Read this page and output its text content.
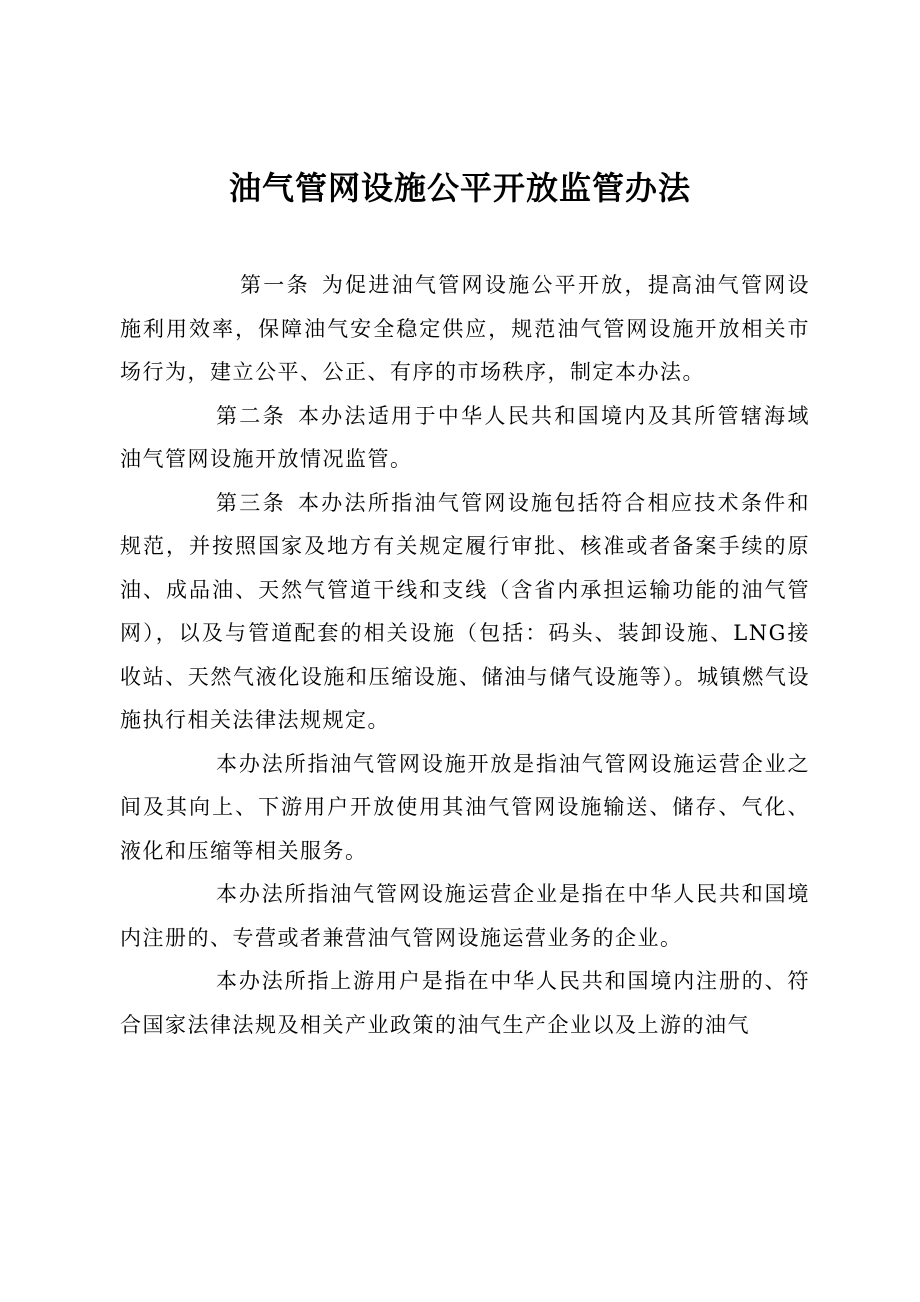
油气管网设施公平开放监管办法

第一条 为促进油气管网设施公平开放，提高油气管网设施利用效率，保障油气安全稳定供应，规范油气管网设施开放相关市场行为，建立公平、公正、有序的市场秩序，制定本办法。

第二条 本办法适用于中华人民共和国境内及其所管辖海域油气管网设施开放情况监管。

第三条 本办法所指油气管网设施包括符合相应技术条件和规范，并按照国家及地方有关规定履行审批、核准或者备案手续的原油、成品油、天然气管道干线和支线（含省内承担运输功能的油气管网），以及与管道配套的相关设施（包括：码头、装卸设施、LNG接收站、天然气液化设施和压缩设施、储油与储气设施等）。城镇燃气设施执行相关法律法规规定。

本办法所指油气管网设施开放是指油气管网设施运营企业之间及其向上、下游用户开放使用其油气管网设施输送、储存、气化、液化和压缩等相关服务。

本办法所指油气管网设施运营企业是指在中华人民共和国境内注册的、专营或者兼营油气管网设施运营业务的企业。

本办法所指上游用户是指在中华人民共和国境内注册的、符合国家法律法规及相关产业政策的油气生产企业以及上游的油气
